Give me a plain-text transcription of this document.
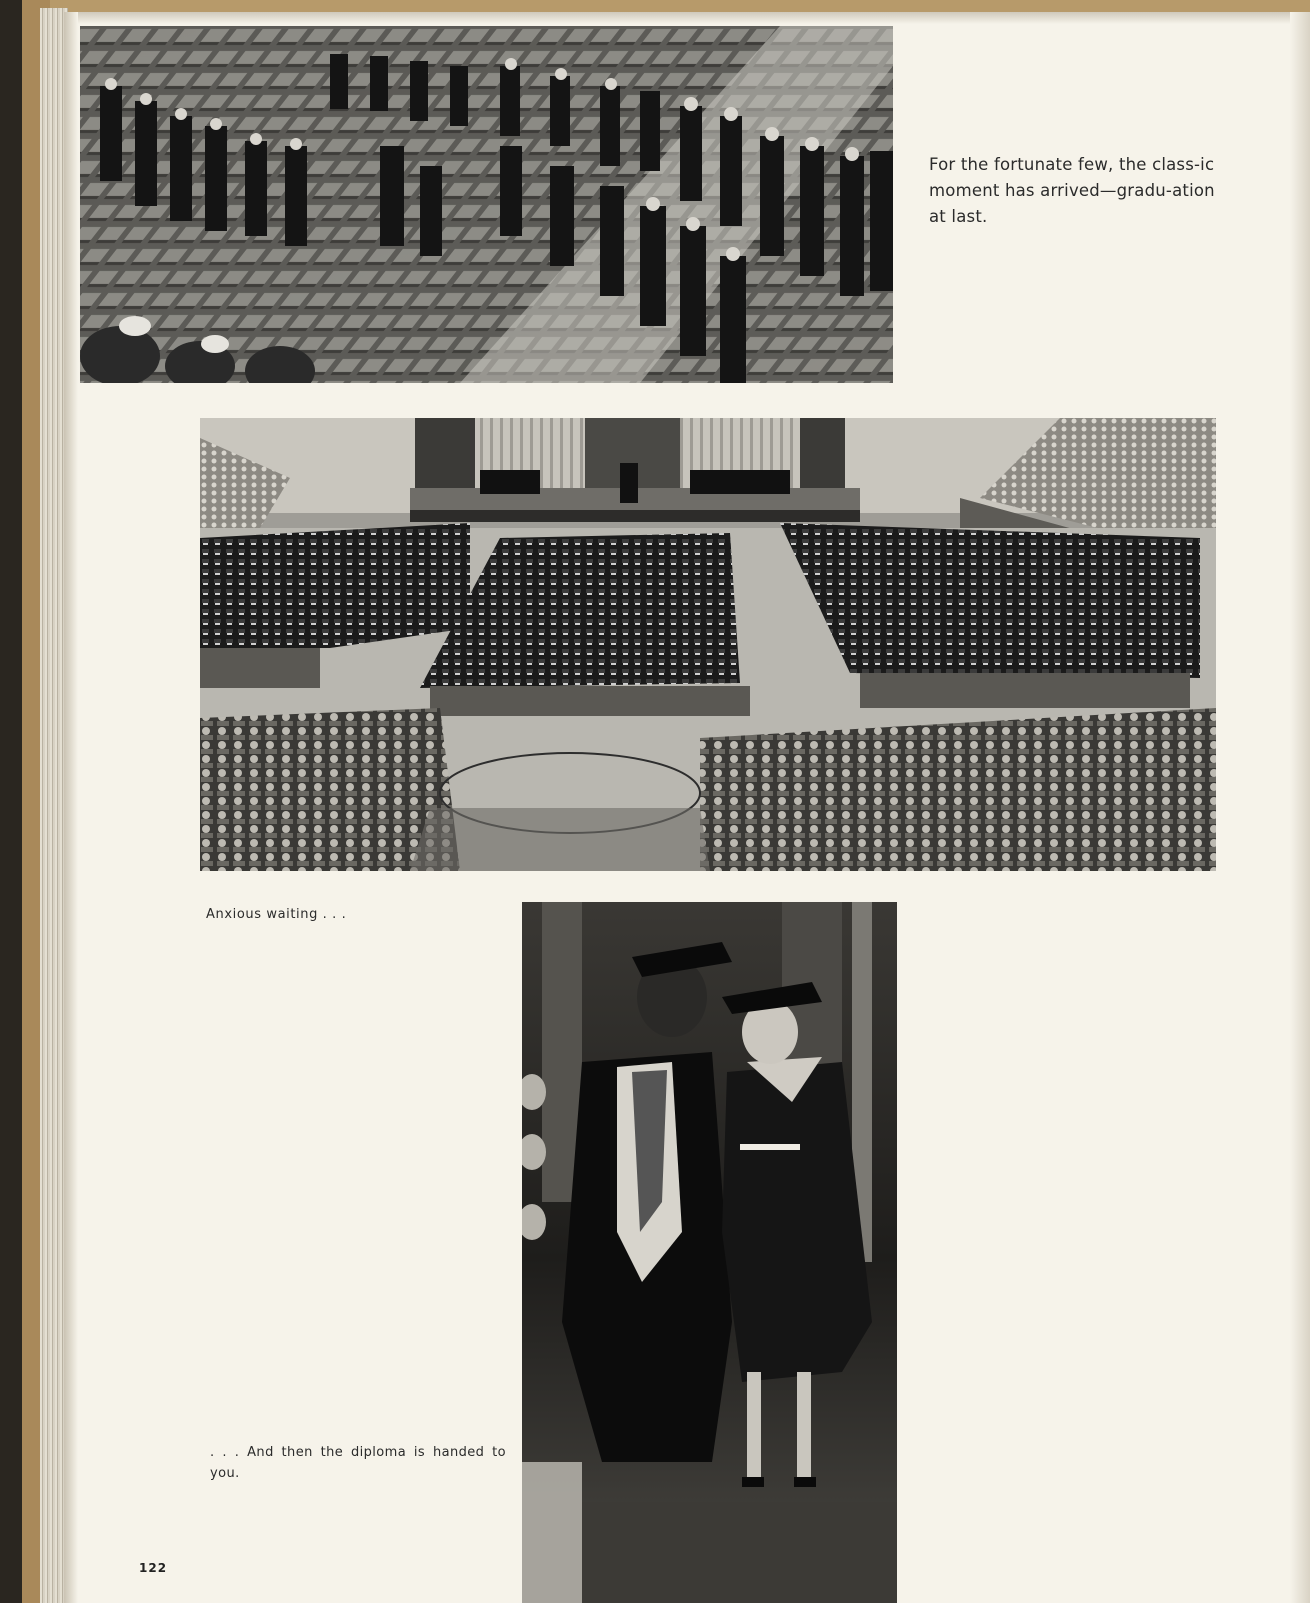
For the fortunate few, the class-ic moment has arrived—gradu-ation at last.
Anxious waiting . . .
. . . And then the diploma is handed to you.
122
